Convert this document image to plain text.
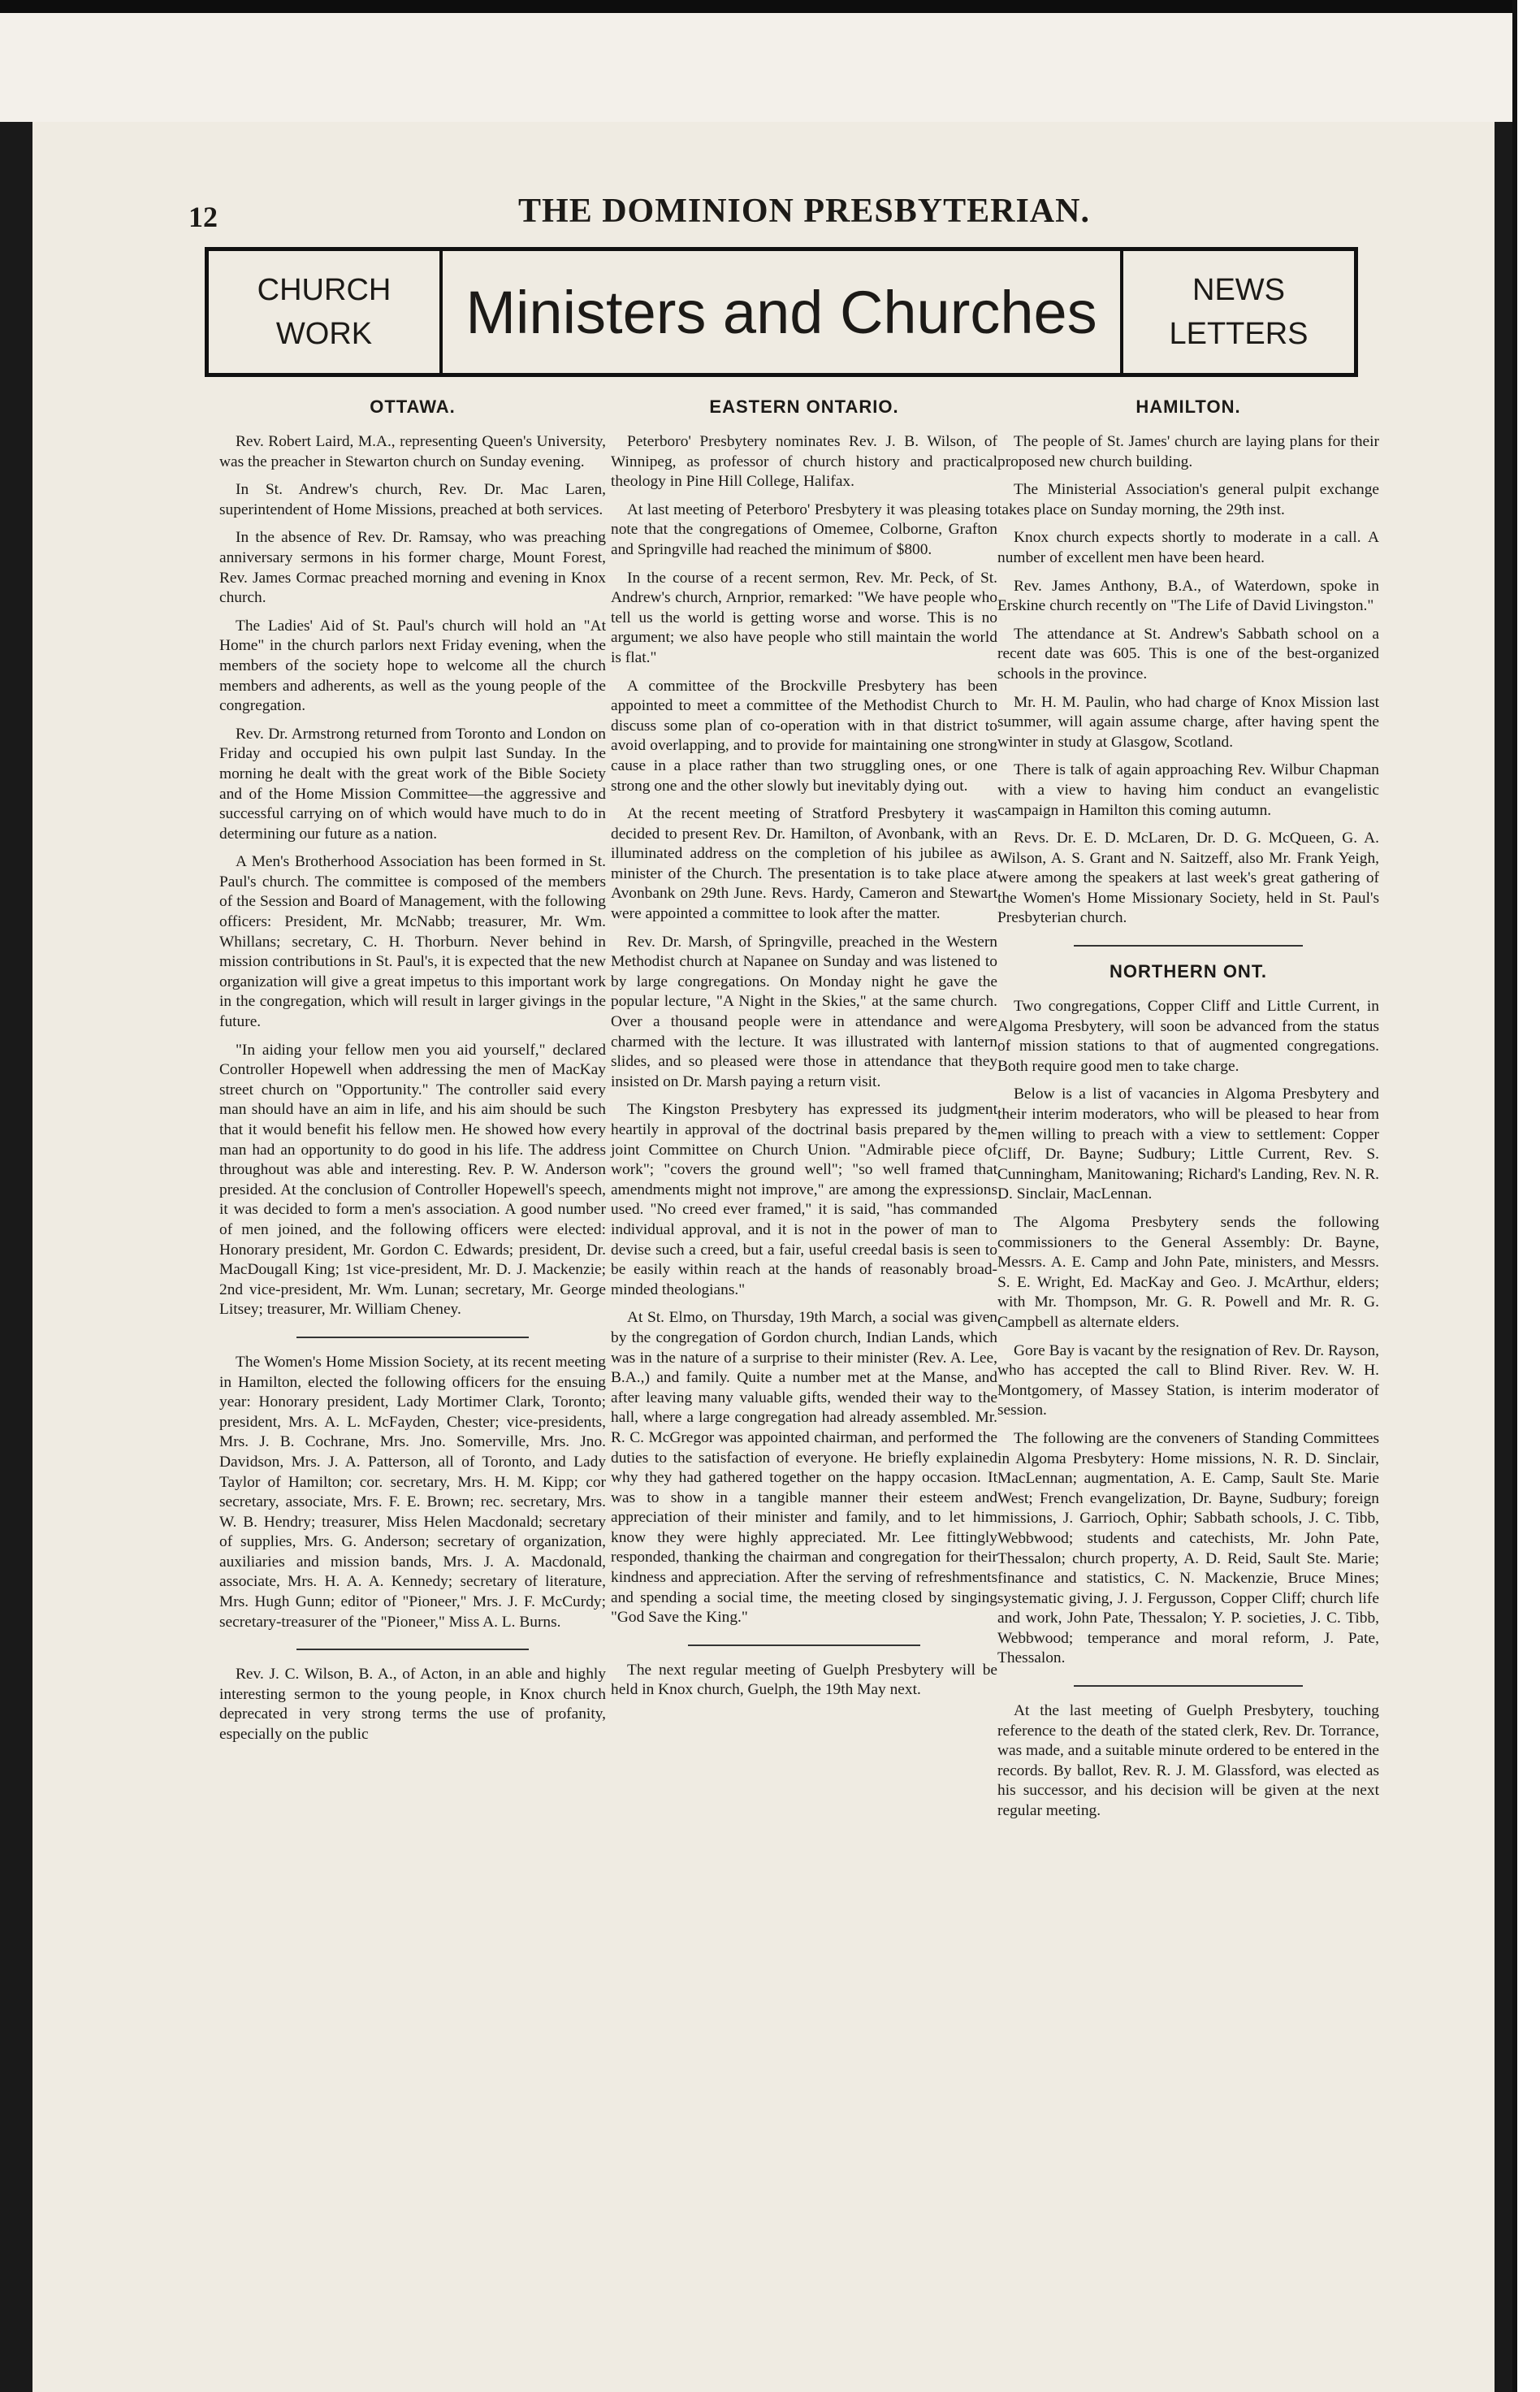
12	THE DOMINION PRESBYTERIAN.
CHURCH
WORK	Ministers and Churches	NEWS
LETTERS
OTTAWA.

Rev. Robert Laird, M.A., representing Queen's University, was the preacher in Stewarton church on Sunday evening.

In St. Andrew's church, Rev. Dr. Mac Laren, superintendent of Home Missions, preached at both services.

In the absence of Rev. Dr. Ramsay, who was preaching anniversary sermons in his former charge, Mount Forest, Rev. James Cormac preached morning and evening in Knox church.

The Ladies' Aid of St. Paul's church will hold an "At Home" in the church parlors next Friday evening, when the members of the society hope to welcome all the church members and adherents, as well as the young people of the congregation.

Rev. Dr. Armstrong returned from Toronto and London on Friday and occupied his own pulpit last Sunday. In the morning he dealt with the great work of the Bible Society and of the Home Mission Committee—the aggressive and successful carrying on of which would have much to do in determining our future as a nation.

A Men's Brotherhood Association has been formed in St. Paul's church. The committee is composed of the members of the Session and Board of Management, with the following officers: President, Mr. McNabb; treasurer, Mr. Wm. Whillans; secretary, C. H. Thorburn. Never behind in mission contributions in St. Paul's, it is expected that the new organization will give a great impetus to this important work in the congregation, which will result in larger givings in the future.

"In aiding your fellow men you aid yourself," declared Controller Hopewell when addressing the men of MacKay street church on "Opportunity." The controller said every man should have an aim in life, and his aim should be such that it would benefit his fellow men. He showed how every man had an opportunity to do good in his life. The address throughout was able and interesting. Rev. P. W. Anderson presided. At the conclusion of Controller Hopewell's speech, it was decided to form a men's association. A good number of men joined, and the following officers were elected: Honorary president, Mr. Gordon C. Edwards; president, Dr. MacDougall King; 1st vice-president, Mr. D. J. Mackenzie; 2nd vice-president, Mr. Wm. Lunan; secretary, Mr. George Litsey; treasurer, Mr. William Cheney.

The Women's Home Mission Society, at its recent meeting in Hamilton, elected the following officers for the ensuing year: Honorary president, Lady Mortimer Clark, Toronto; president, Mrs. A. L. McFayden, Chester; vice-presidents, Mrs. J. B. Cochrane, Mrs. Jno. Somerville, Mrs. Jno. Davidson, Mrs. J. A. Patterson, all of Toronto, and Lady Taylor of Hamilton; cor. secretary, Mrs. H. M. Kipp; cor secretary, associate, Mrs. F. E. Brown; rec. secretary, Mrs. W. B. Hendry; treasurer, Miss Helen Macdonald; secretary of supplies, Mrs. G. Anderson; secretary of organization, auxiliaries and mission bands, Mrs. J. A. Macdonald, associate, Mrs. H. A. A. Kennedy; secretary of literature, Mrs. Hugh Gunn; editor of "Pioneer," Mrs. J. F. McCurdy; secretary-treasurer of the "Pioneer," Miss A. L. Burns.

Rev. J. C. Wilson, B. A., of Acton, in an able and highly interesting sermon to the young people, in Knox church deprecated in very strong terms the use of profanity, especially on the public

EASTERN ONTARIO.

Peterboro' Presbytery nominates Rev. J. B. Wilson, of Winnipeg, as professor of church history and practical theology in Pine Hill College, Halifax.

At last meeting of Peterboro' Presbytery it was pleasing to note that the congregations of Omemee, Colborne, Grafton and Springville had reached the minimum of $800.

In the course of a recent sermon, Rev. Mr. Peck, of St. Andrew's church, Arnprior, remarked: "We have people who tell us the world is getting worse and worse. This is no argument; we also have people who still maintain the world is flat."

A committee of the Brockville Presbytery has been appointed to meet a committee of the Methodist Church to discuss some plan of co-operation with in that district to avoid overlapping, and to provide for maintaining one strong cause in a place rather than two struggling ones, or one strong one and the other slowly but inevitably dying out.

At the recent meeting of Stratford Presbytery it was decided to present Rev. Dr. Hamilton, of Avonbank, with an illuminated address on the completion of his jubilee as a minister of the Church. The presentation is to take place at Avonbank on 29th June. Revs. Hardy, Cameron and Stewart were appointed a committee to look after the matter.

Rev. Dr. Marsh, of Springville, preached in the Western Methodist church at Napanee on Sunday and was listened to by large congregations. On Monday night he gave the popular lecture, "A Night in the Skies," at the same church. Over a thousand people were in attendance and were charmed with the lecture. It was illustrated with lantern slides, and so pleased were those in attendance that they insisted on Dr. Marsh paying a return visit.

The Kingston Presbytery has expressed its judgment heartily in approval of the doctrinal basis prepared by the joint Committee on Church Union. "Admirable piece of work"; "covers the ground well"; "so well framed that amendments might not improve," are among the expressions used. "No creed ever framed," it is said, "has commanded individual approval, and it is not in the power of man to devise such a creed, but a fair, useful creedal basis is seen to be easily within reach at the hands of reasonably broad-minded theologians."

At St. Elmo, on Thursday, 19th March, a social was given by the congregation of Gordon church, Indian Lands, which was in the nature of a surprise to their minister (Rev. A. Lee, B.A.,) and family. Quite a number met at the Manse, and after leaving many valuable gifts, wended their way to the hall, where a large congregation had already assembled. Mr. R. C. McGregor was appointed chairman, and performed the duties to the satisfaction of everyone. He briefly explained why they had gathered together on the happy occasion. It was to show in a tangible manner their esteem and appreciation of their minister and family, and to let him know they were highly appreciated. Mr. Lee fittingly responded, thanking the chairman and congregation for their kindness and appreciation. After the serving of refreshments and spending a social time, the meeting closed by singing "God Save the King."

The next regular meeting of Guelph Presbytery will be held in Knox church, Guelph, the 19th May next.

HAMILTON.

The people of St. James' church are laying plans for their proposed new church building.

The Ministerial Association's general pulpit exchange takes place on Sunday morning, the 29th inst.

Knox church expects shortly to moderate in a call. A number of excellent men have been heard.

Rev. James Anthony, B.A., of Waterdown, spoke in Erskine church recently on "The Life of David Livingston."

The attendance at St. Andrew's Sabbath school on a recent date was 605. This is one of the best-organized schools in the province.

Mr. H. M. Paulin, who had charge of Knox Mission last summer, will again assume charge, after having spent the winter in study at Glasgow, Scotland.

There is talk of again approaching Rev. Wilbur Chapman with a view to having him conduct an evangelistic campaign in Hamilton this coming autumn.

Revs. Dr. E. D. McLaren, Dr. D. G. McQueen, G. A. Wilson, A. S. Grant and N. Saitzeff, also Mr. Frank Yeigh, were among the speakers at last week's great gathering of the Women's Home Missionary Society, held in St. Paul's Presbyterian church.

NORTHERN ONT.

Two congregations, Copper Cliff and Little Current, in Algoma Presbytery, will soon be advanced from the status of mission stations to that of augmented congregations. Both require good men to take charge.

Below is a list of vacancies in Algoma Presbytery and their interim moderators, who will be pleased to hear from men willing to preach with a view to settlement: Copper Cliff, Dr. Bayne; Sudbury; Little Current, Rev. S. Cunningham, Manitowaning; Richard's Landing, Rev. N. R. D. Sinclair, MacLennan.

The Algoma Presbytery sends the following commissioners to the General Assembly: Dr. Bayne, Messrs. A. E. Camp and John Pate, ministers, and Messrs. S. E. Wright, Ed. MacKay and Geo. J. McArthur, elders; with Mr. Thompson, Mr. G. R. Powell and Mr. R. G. Campbell as alternate elders.

Gore Bay is vacant by the resignation of Rev. Dr. Rayson, who has accepted the call to Blind River. Rev. W. H. Montgomery, of Massey Station, is interim moderator of session.

The following are the conveners of Standing Committees in Algoma Presbytery: Home missions, N. R. D. Sinclair, MacLennan; augmentation, A. E. Camp, Sault Ste. Marie West; French evangelization, Dr. Bayne, Sudbury; foreign missions, J. Garrioch, Ophir; Sabbath schools, J. C. Tibb, Webbwood; students and catechists, Mr. John Pate, Thessalon; church property, A. D. Reid, Sault Ste. Marie; finance and statistics, C. N. Mackenzie, Bruce Mines; systematic giving, J. J. Fergusson, Copper Cliff; church life and work, John Pate, Thessalon; Y. P. societies, J. C. Tibb, Webbwood; temperance and moral reform, J. Pate, Thessalon.

At the last meeting of Guelph Presbytery, touching reference to the death of the stated clerk, Rev. Dr. Torrance, was made, and a suitable minute ordered to be entered in the records. By ballot, Rev. R. J. M. Glassford, was elected as his successor, and his decision will be given at the next regular meeting.
